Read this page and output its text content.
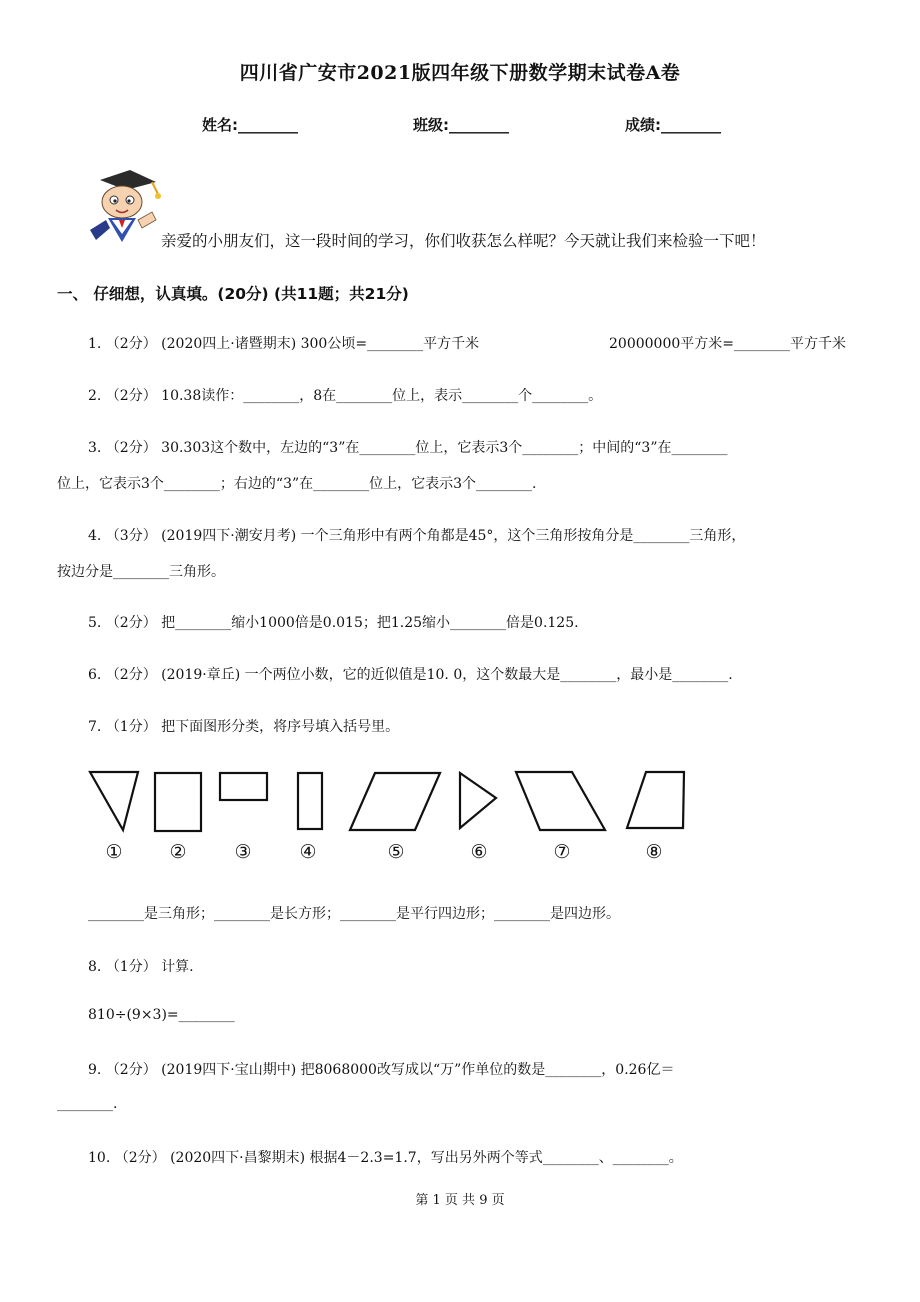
四川省广安市2021版四年级下册数学期末试卷A卷
姓名:________	班级:________	成绩:________
亲爱的小朋友们，这一段时间的学习，你们收获怎么样呢？今天就让我们来检验一下吧！
一、 仔细想，认真填。(20分) (共11题；共21分)
1. （2分） (2020四上·诸暨期末) 300公顷=________平方千米	20000000平方米=________平方千米
2. （2分） 10.38读作：________，8在________位上，表示________个________。
3. （2分） 30.303这个数中，左边的“3”在________位上，它表示3个________；中间的“3”在________
位上，它表示3个________；右边的“3”在________位上，它表示3个________.
4. （3分） (2019四下·潮安月考) 一个三角形中有两个角都是45°，这个三角形按角分是________三角形，
按边分是________三角形。
5. （2分） 把________缩小1000倍是0.015；把1.25缩小________倍是0.125.
6. （2分） (2019·章丘) 一个两位小数，它的近似值是10. 0，这个数最大是________，最小是________.
7. （1分） 把下面图形分类，将序号填入括号里。
① ②	③	④	⑤	⑥	⑦	⑧
________是三角形；________是长方形；________是平行四边形；________是四边形。
8. （1分） 计算.
810÷(9×3)=________
9. （2分） (2019四下·宝山期中) 把8068000改写成以“万”作单位的数是________，0.26亿＝
________.
10. （2分） (2020四下·昌黎期末) 根据4－2.3=1.7，写出另外两个等式________、________。
第 1 页 共 9 页
